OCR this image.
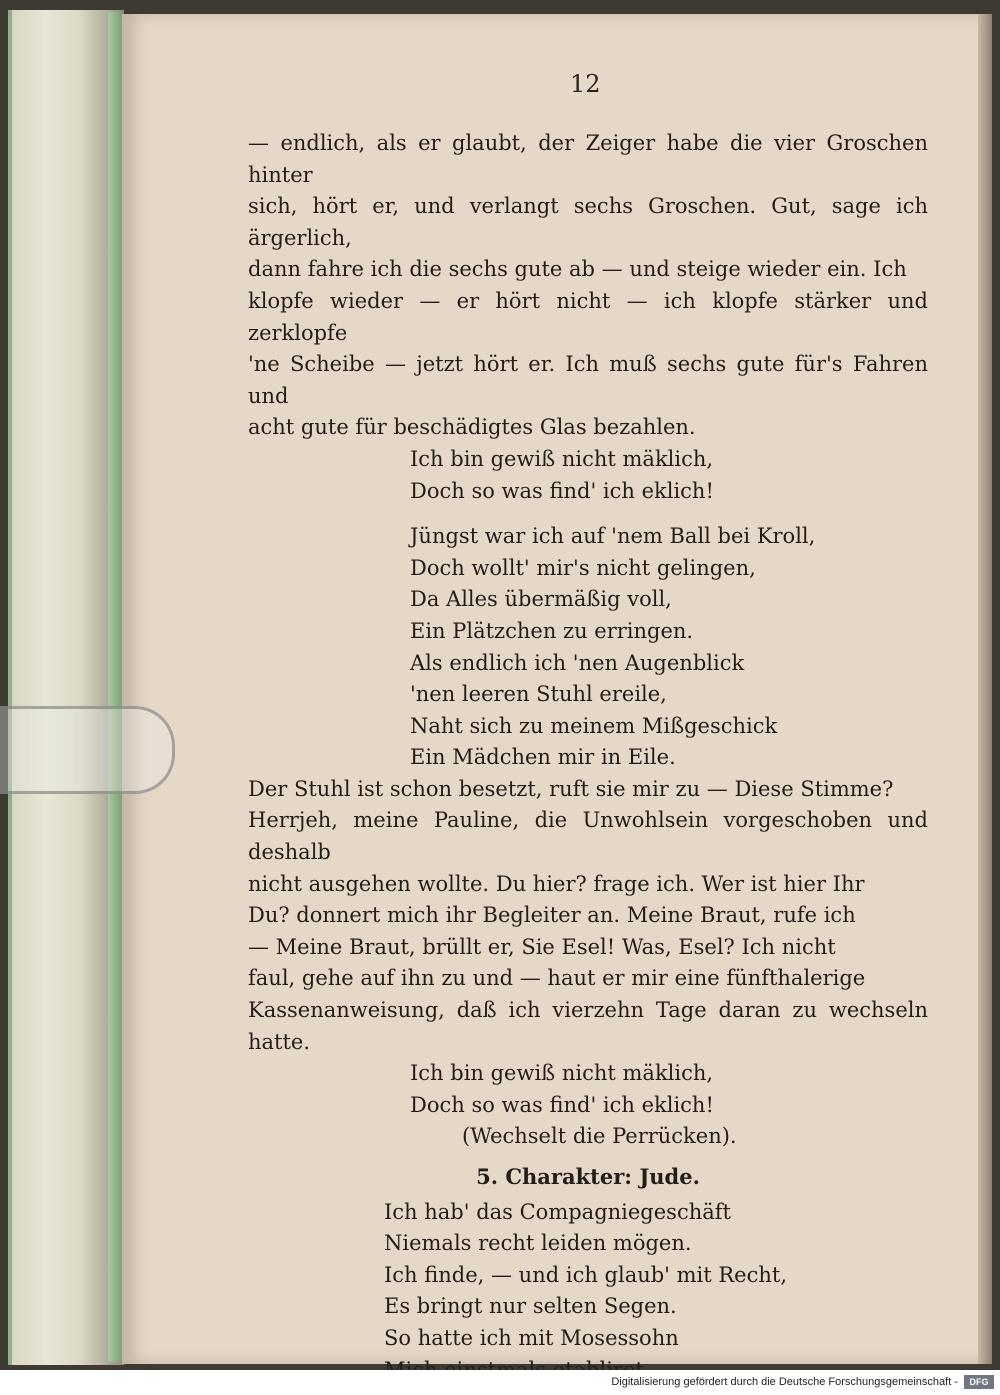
12
— endlich, als er glaubt, der Zeiger habe die vier Groschen hinter
sich, hört er, und verlangt sechs Groschen. Gut, sage ich ärgerlich,
dann fahre ich die sechs gute ab — und steige wieder ein. Ich
klopfe wieder — er hört nicht — ich klopfe stärker und zerklopfe
'ne Scheibe — jetzt hört er. Ich muß sechs gute für's Fahren und
acht gute für beschädigtes Glas bezahlen.
Ich bin gewiß nicht mäklich,
Doch so was find' ich eklich!
Jüngst war ich auf 'nem Ball bei Kroll,
Doch wollt' mir's nicht gelingen,
Da Alles übermäßig voll,
Ein Plätzchen zu erringen.
Als endlich ich 'nen Augenblick
'nen leeren Stuhl ereile,
Naht sich zu meinem Mißgeschick
Ein Mädchen mir in Eile.
Der Stuhl ist schon besetzt, ruft sie mir zu — Diese Stimme?
Herrjeh, meine Pauline, die Unwohlsein vorgeschoben und deshalb
nicht ausgehen wollte. Du hier? frage ich. Wer ist hier Ihr
Du? donnert mich ihr Begleiter an. Meine Braut, rufe ich
— Meine Braut, brüllt er, Sie Esel! Was, Esel? Ich nicht
faul, gehe auf ihn zu und — haut er mir eine fünfthalerige
Kassenanweisung, daß ich vierzehn Tage daran zu wechseln hatte.
Ich bin gewiß nicht mäklich,
Doch so was find' ich eklich!
(Wechselt die Perrücken).
5. Charakter: Jude.
Ich hab' das Compagniegeschäft
Niemals recht leiden mögen.
Ich finde, — und ich glaub' mit Recht,
Es bringt nur selten Segen.
So hatte ich mit Mosessohn
Digitalisierung gefördert durch die Deutsche Forschungsgemeinschaft -	DFG
